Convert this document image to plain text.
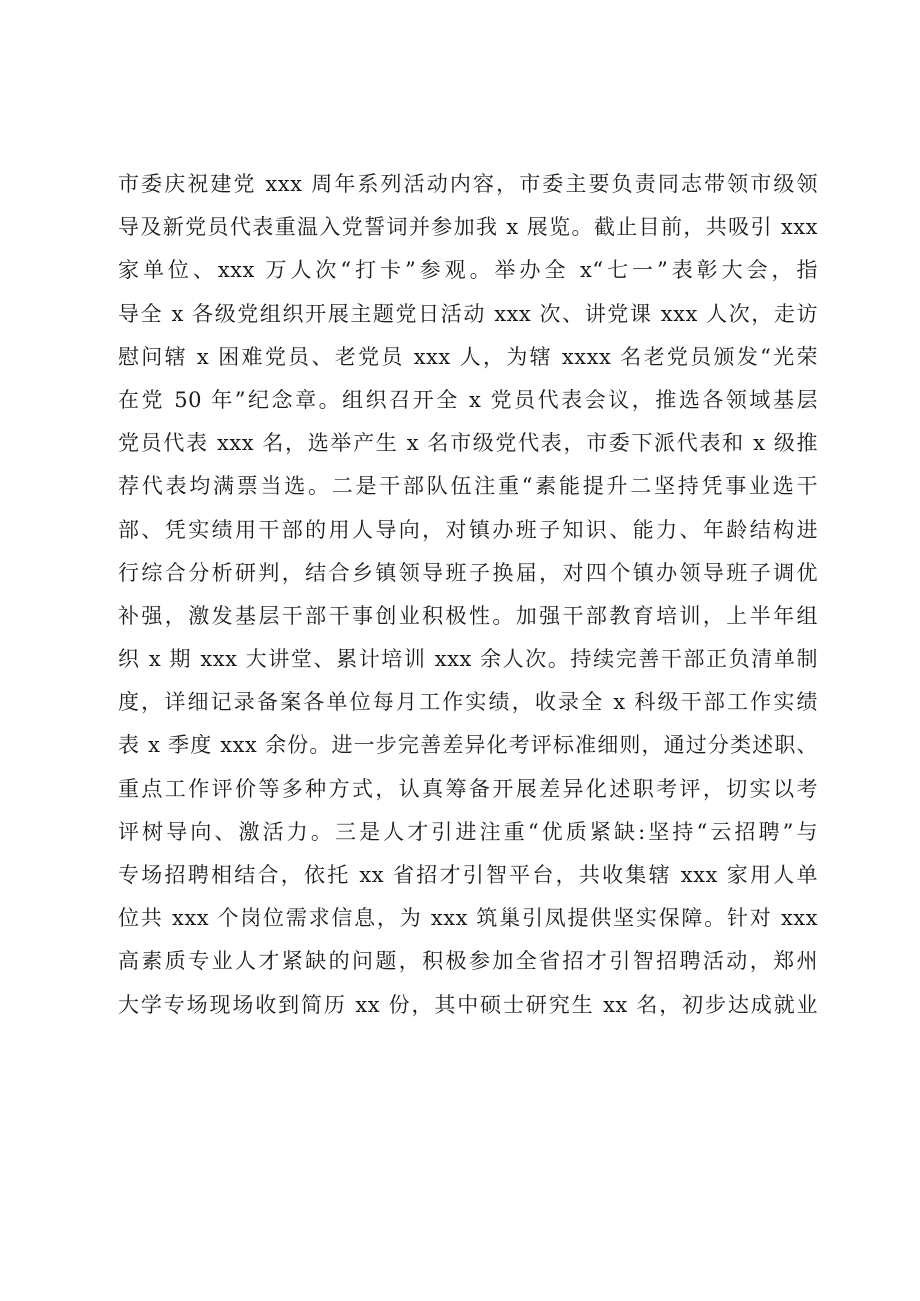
市委庆祝建党 xxx 周年系列活动内容，市委主要负责同志带领市级领
导及新党员代表重温入党誓词并参加我 x 展览。截止目前，共吸引 xxx
家单位、xxx 万人次“打卡”参观。举办全 x“七一”表彰大会，指
导全 x 各级党组织开展主题党日活动 xxx 次、讲党课 xxx 人次，走访
慰问辖 x 困难党员、老党员 xxx 人，为辖 xxxx 名老党员颁发“光荣
在党 50 年”纪念章。组织召开全 x 党员代表会议，推选各领域基层
党员代表 xxx 名，选举产生 x 名市级党代表，市委下派代表和 x 级推
荐代表均满票当选。二是干部队伍注重“素能提升二坚持凭事业选干
部、凭实绩用干部的用人导向，对镇办班子知识、能力、年龄结构进
行综合分析研判，结合乡镇领导班子换届，对四个镇办领导班子调优
补强，激发基层干部干事创业积极性。加强干部教育培训，上半年组
织 x 期 xxx 大讲堂、累计培训 xxx 余人次。持续完善干部正负清单制
度，详细记录备案各单位每月工作实绩，收录全 x 科级干部工作实绩
表 x 季度 xxx 余份。进一步完善差异化考评标准细则，通过分类述职、
重点工作评价等多种方式，认真筹备开展差异化述职考评，切实以考
评树导向、激活力。三是人才引进注重“优质紧缺:坚持“云招聘”与
专场招聘相结合，依托 xx 省招才引智平台，共收集辖 xxx 家用人单
位共 xxx 个岗位需求信息，为 xxx 筑巢引凤提供坚实保障。针对 xxx
高素质专业人才紧缺的问题，积极参加全省招才引智招聘活动，郑州
大学专场现场收到简历 xx 份，其中硕士研究生 xx 名，初步达成就业
